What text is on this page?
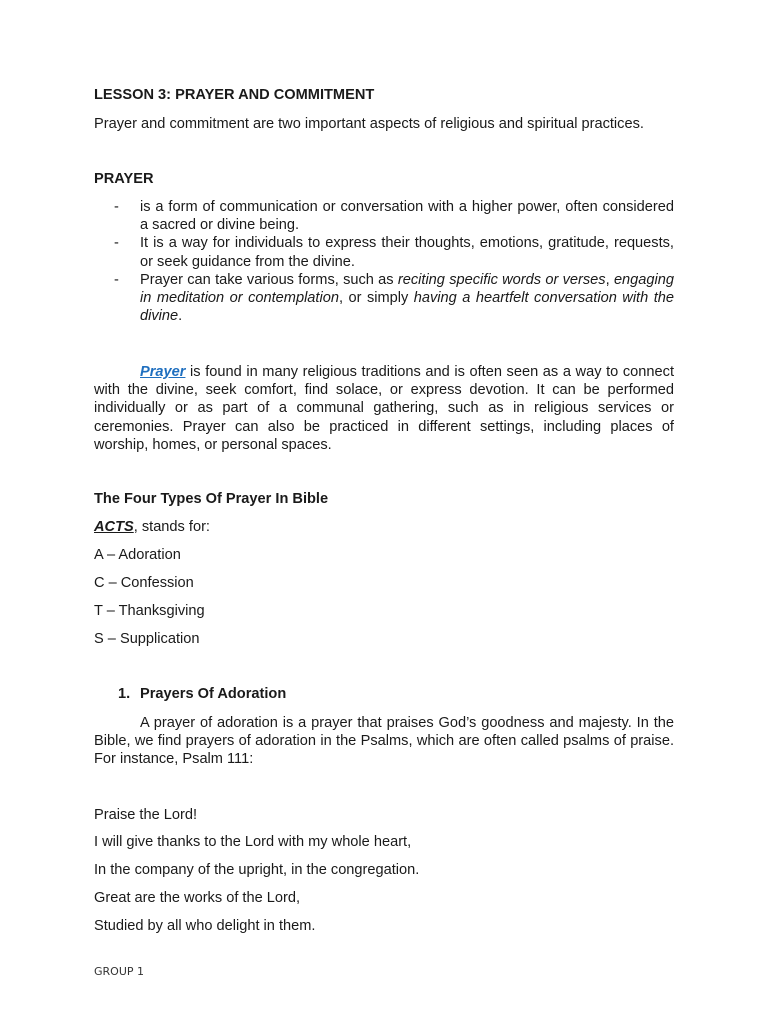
LESSON 3: PRAYER AND COMMITMENT

Prayer and commitment are two important aspects of religious and spiritual practices.

PRAYER

- is a form of communication or conversation with a higher power, often considered a sacred or divine being.
- It is a way for individuals to express their thoughts, emotions, gratitude, requests, or seek guidance from the divine.
- Prayer can take various forms, such as reciting specific words or verses, engaging in meditation or contemplation, or simply having a heartfelt conversation with the divine.

Prayer is found in many religious traditions and is often seen as a way to connect with the divine, seek comfort, find solace, or express devotion. It can be performed individually or as part of a communal gathering, such as in religious services or ceremonies. Prayer can also be practiced in different settings, including places of worship, homes, or personal spaces.

The Four Types Of Prayer In Bible

ACTS, stands for:

A – Adoration

C – Confession

T – Thanksgiving

S – Supplication

1. Prayers Of Adoration

A prayer of adoration is a prayer that praises God’s goodness and majesty. In the Bible, we find prayers of adoration in the Psalms, which are often called psalms of praise. For instance, Psalm 111:

Praise the Lord!

I will give thanks to the Lord with my whole heart,

In the company of the upright, in the congregation.

Great are the works of the Lord,

Studied by all who delight in them.

GROUP 1
